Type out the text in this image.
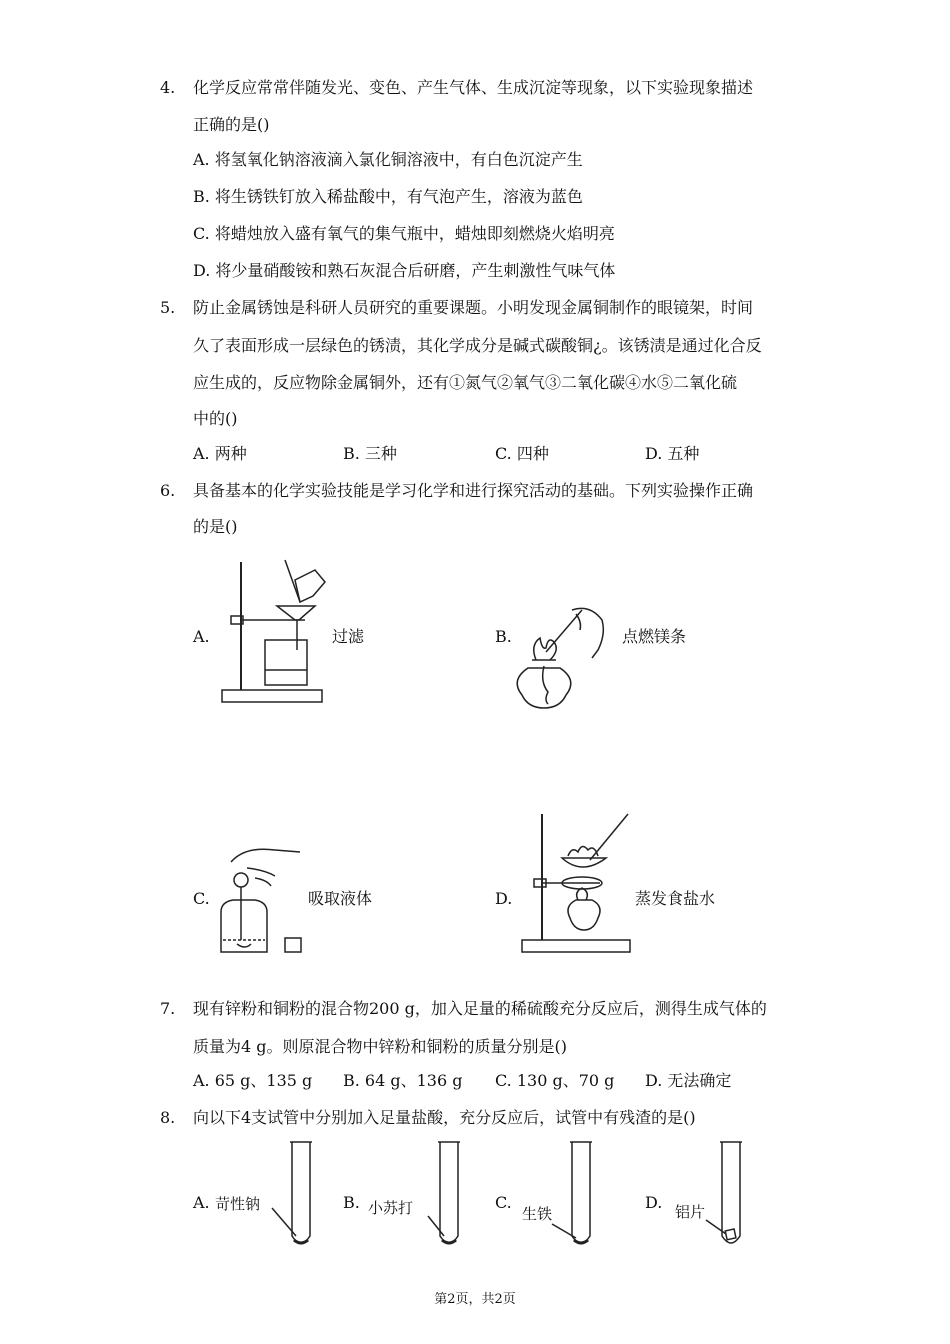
4. 化学反应常常伴随发光、变色、产生气体、生成沉淀等现象，以下实验现象描述
正确的是()
A. 将氢氧化钠溶液滴入氯化铜溶液中，有白色沉淀产生
B. 将生锈铁钉放入稀盐酸中，有气泡产生，溶液为蓝色
C. 将蜡烛放入盛有氧气的集气瓶中，蜡烛即刻燃烧火焰明亮
D. 将少量硝酸铵和熟石灰混合后研磨，产生刺激性气味气体
5. 防止金属锈蚀是科研人员研究的重要课题。小明发现金属铜制作的眼镜架，时间
久了表面形成一层绿色的锈渍，其化学成分是碱式碳酸铜¿。该锈渍是通过化合反
应生成的，反应物除金属铜外，还有①氮气②氧气③二氧化碳④水⑤二氧化硫
中的()
A. 两种	B. 三种	C. 四种	D. 五种
6. 具备基本的化学实验技能是学习化学和进行探究活动的基础。下列实验操作正确
的是()
A.	过滤	B.	点燃镁条
C.	吸取液体	D.	蒸发食盐水
7. 现有锌粉和铜粉的混合物200 g，加入足量的稀硫酸充分反应后，测得生成气体的
质量为4 g。则原混合物中锌粉和铜粉的质量分别是()
A. 65 g、135 g B. 64 g、136 g C. 130 g、70 g D. 无法确定
8. 向以下4支试管中分别加入足量盐酸，充分反应后，试管中有残渣的是()
A. 苛性钠	B. 小苏打	C.
生铁
D. 铝片
第2页，共2页
